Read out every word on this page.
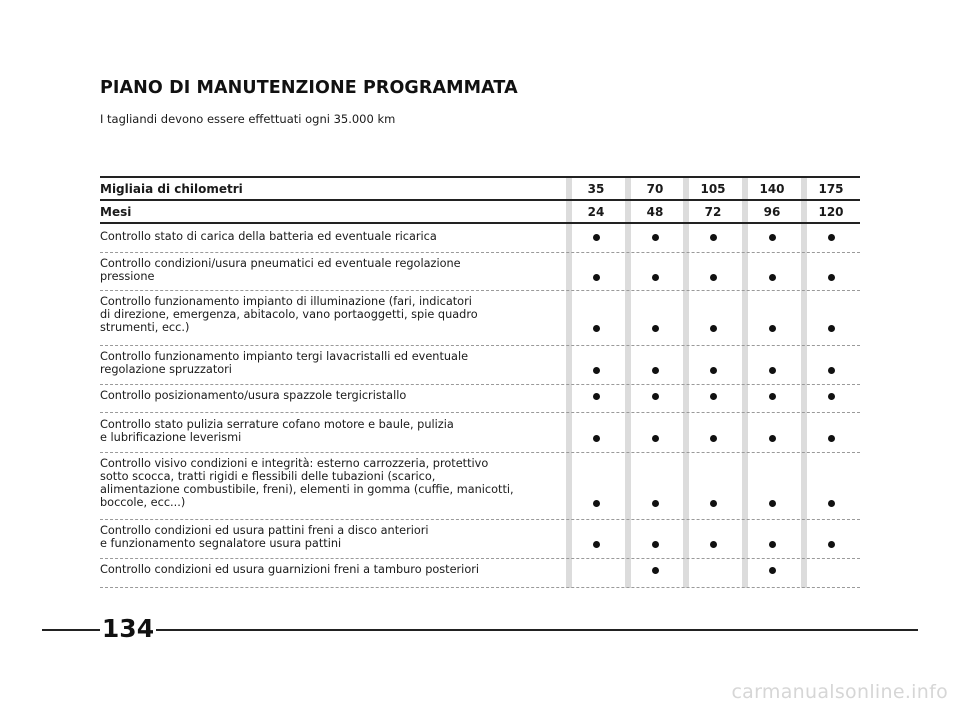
PIANO DI MANUTENZIONE PROGRAMMATA
I tagliandi devono essere effettuati ogni 35.000 km
Migliaia di chilometri
Mesi
Controllo stato di carica della batteria ed eventuale ricarica
Controllo condizioni/usura pneumatici ed eventuale regolazione
pressione
Controllo funzionamento impianto di illuminazione (fari, indicatori
di direzione, emergenza, abitacolo, vano portaoggetti, spie quadro
strumenti, ecc.)
Controllo funzionamento impianto tergi lavacristalli ed eventuale
regolazione spruzzatori
Controllo posizionamento/usura spazzole tergicristallo
Controllo stato pulizia serrature cofano motore e baule, pulizia
e lubrificazione leverismi
Controllo visivo condizioni e integrità: esterno carrozzeria, protettivo
sotto scocca, tratti rigidi e flessibili delle tubazioni (scarico,
alimentazione combustibile, freni), elementi in gomma (cuffie, manicotti,
boccole, ecc...)
Controllo condizioni ed usura pattini freni a disco anteriori
e funzionamento segnalatore usura pattini
Controllo condizioni ed usura guarnizioni freni a tamburo posteriori
35
24
70
48
105
72
140
96
175
120
134
carmanualsonline.info
